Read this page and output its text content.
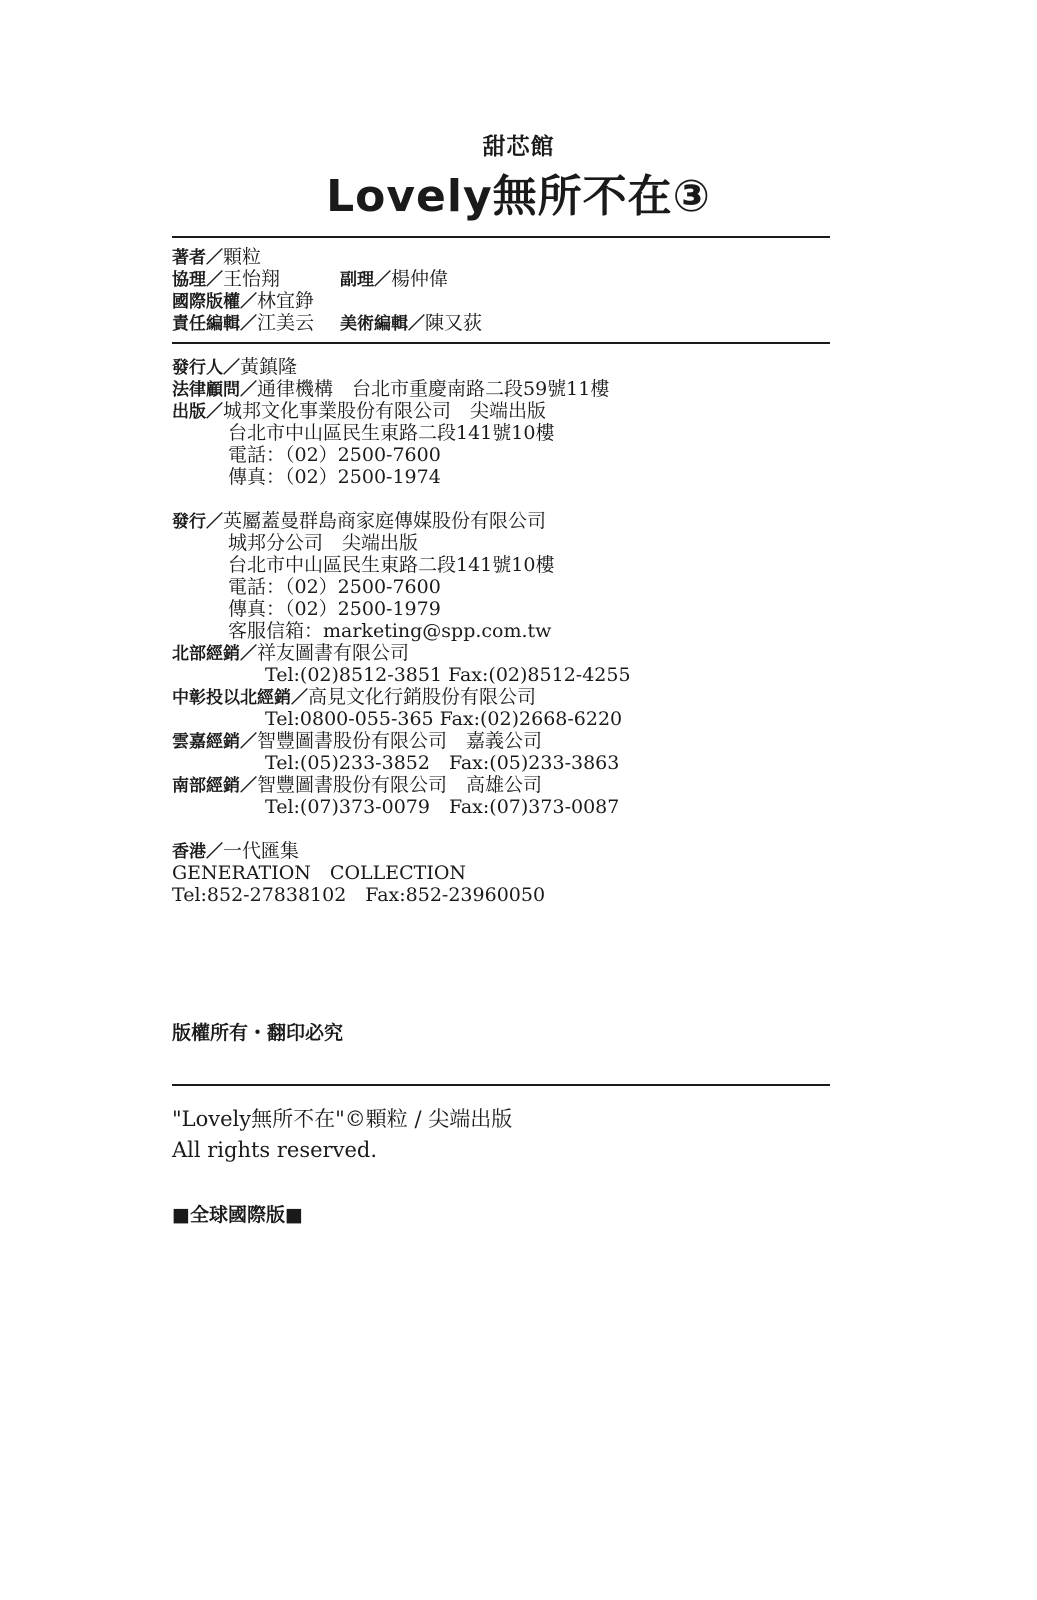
甜芯館
Lovely無所不在③
著者／顆粒
協理／王怡翔	副理／楊仲偉
國際版權／林宜錚
責任編輯／江美云 美術編輯／陳又荻
發行人／黃鎮隆
法律顧問／通律機構　台北市重慶南路二段59號11樓
出版／城邦文化事業股份有限公司　尖端出版
台北市中山區民生東路二段141號10樓
電話：（02）2500-7600
傳真：（02）2500-1974
發行／英屬蓋曼群島商家庭傳媒股份有限公司
城邦分公司　尖端出版
台北市中山區民生東路二段141號10樓
電話：（02）2500-7600
傳真：（02）2500-1979
客服信箱：marketing@spp.com.tw
北部經銷／祥友圖書有限公司
Tel:(02)8512-3851 Fax:(02)8512-4255
中彰投以北經銷／高見文化行銷股份有限公司
Tel:0800-055-365 Fax:(02)2668-6220
雲嘉經銷／智豐圖書股份有限公司　嘉義公司
Tel:(05)233-3852　Fax:(05)233-3863
南部經銷／智豐圖書股份有限公司　高雄公司
Tel:(07)373-0079　Fax:(07)373-0087
香港／一代匯集
GENERATION　COLLECTION
Tel:852-27838102　Fax:852-23960050
版權所有・翻印必究
"Lovely無所不在"©顆粒 / 尖端出版
All rights reserved.
■全球國際版■
